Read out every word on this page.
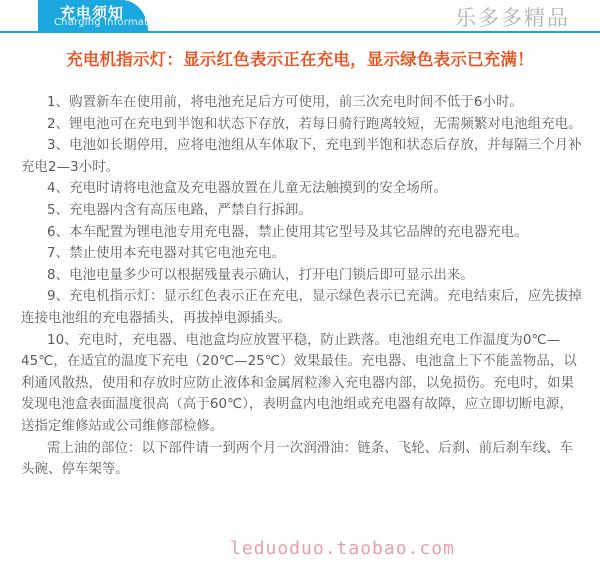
充电须知
Charging information	乐多多精品
充电机指示灯：显示红色表示正在充电，显示绿色表示已充满！

1、购置新车在使用前，将电池充足后方可使用，前三次充电时间不低于6小时。

2、锂电池可在充电到半饱和状态下存放，若每日骑行跑离较短，无需频繁对电池组充电。

3、电池如长期停用，应将电池组从车体取下，充电到半饱和状态后存放，并每隔三个月补充电2—3小时。

4、充电时请将电池盒及充电器放置在儿童无法触摸到的安全场所。

5、充电器内含有高压电路，严禁自行拆卸。

6、本车配置为锂电池专用充电器，禁止使用其它型号及其它品牌的充电器充电。

7、禁止使用本充电器对其它电池充电。

8、电池电量多少可以根据残量表示确认，打开电门锁后即可显示出来。

9、充电机指示灯：显示红色表示正在充电，显示绿色表示已充满。充电结束后，应先拔掉连接电池组的充电器插头，再拔掉电源插头。

10、充电时，充电器、电池盒均应放置平稳，防止跌落。电池组充电工作温度为0℃—45℃，在适宜的温度下充电（20℃—25℃）效果最佳。充电器、电池盒上下不能盖物品，以利通风散热，使用和存放时应防止液体和金属屑粒渗入充电器内部，以免损伤。充电时，如果发现电池盒表面温度很高（高于60℃），表明盒内电池组或充电器有故障，应立即切断电源，送指定维修站或公司维修部检修。

需上油的部位：以下部件请一到两个月一次润滑油：链条、飞轮、后刹、前后刹车线、车头碗、停车架等。

leduoduo.taobao.com
